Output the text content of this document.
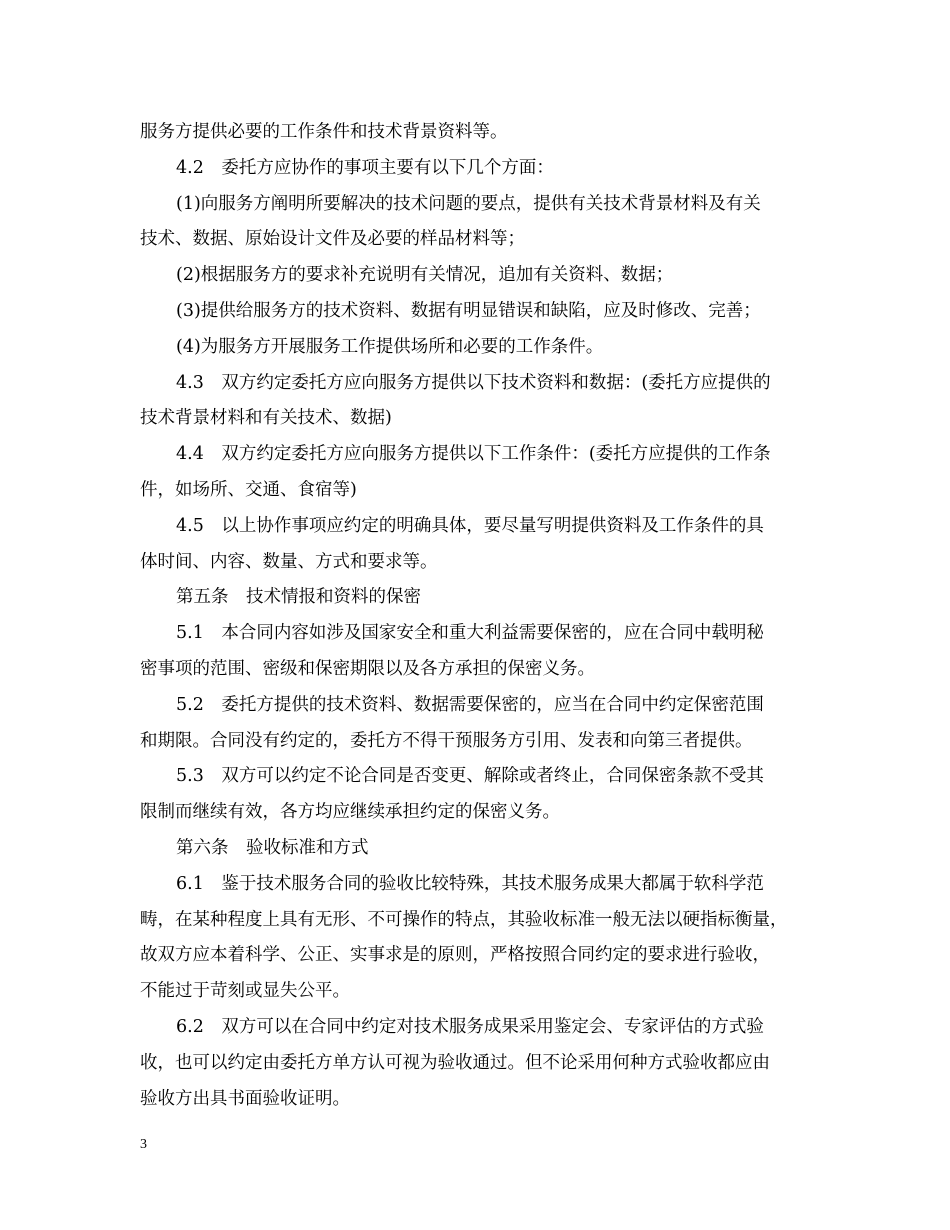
服务方提供必要的工作条件和技术背景资料等。
4.2　委托方应协作的事项主要有以下几个方面：
(1)向服务方阐明所要解决的技术问题的要点，提供有关技术背景材料及有关
技术、数据、原始设计文件及必要的样品材料等；
(2)根据服务方的要求补充说明有关情况，追加有关资料、数据；
(3)提供给服务方的技术资料、数据有明显错误和缺陷，应及时修改、完善；
(4)为服务方开展服务工作提供场所和必要的工作条件。
4.3　双方约定委托方应向服务方提供以下技术资料和数据：(委托方应提供的
技术背景材料和有关技术、数据)
4.4　双方约定委托方应向服务方提供以下工作条件：(委托方应提供的工作条
件，如场所、交通、食宿等)
4.5　以上协作事项应约定的明确具体，要尽量写明提供资料及工作条件的具
体时间、内容、数量、方式和要求等。
第五条　技术情报和资料的保密
5.1　本合同内容如涉及国家安全和重大利益需要保密的，应在合同中载明秘
密事项的范围、密级和保密期限以及各方承担的保密义务。
5.2　委托方提供的技术资料、数据需要保密的，应当在合同中约定保密范围
和期限。合同没有约定的，委托方不得干预服务方引用、发表和向第三者提供。
5.3　双方可以约定不论合同是否变更、解除或者终止，合同保密条款不受其
限制而继续有效，各方均应继续承担约定的保密义务。
第六条　验收标准和方式
6.1　鉴于技术服务合同的验收比较特殊，其技术服务成果大都属于软科学范
畴，在某种程度上具有无形、不可操作的特点，其验收标准一般无法以硬指标衡量，
故双方应本着科学、公正、实事求是的原则，严格按照合同约定的要求进行验收，
不能过于苛刻或显失公平。
6.2　双方可以在合同中约定对技术服务成果采用鉴定会、专家评估的方式验
收，也可以约定由委托方单方认可视为验收通过。但不论采用何种方式验收都应由
验收方出具书面验收证明。
3
